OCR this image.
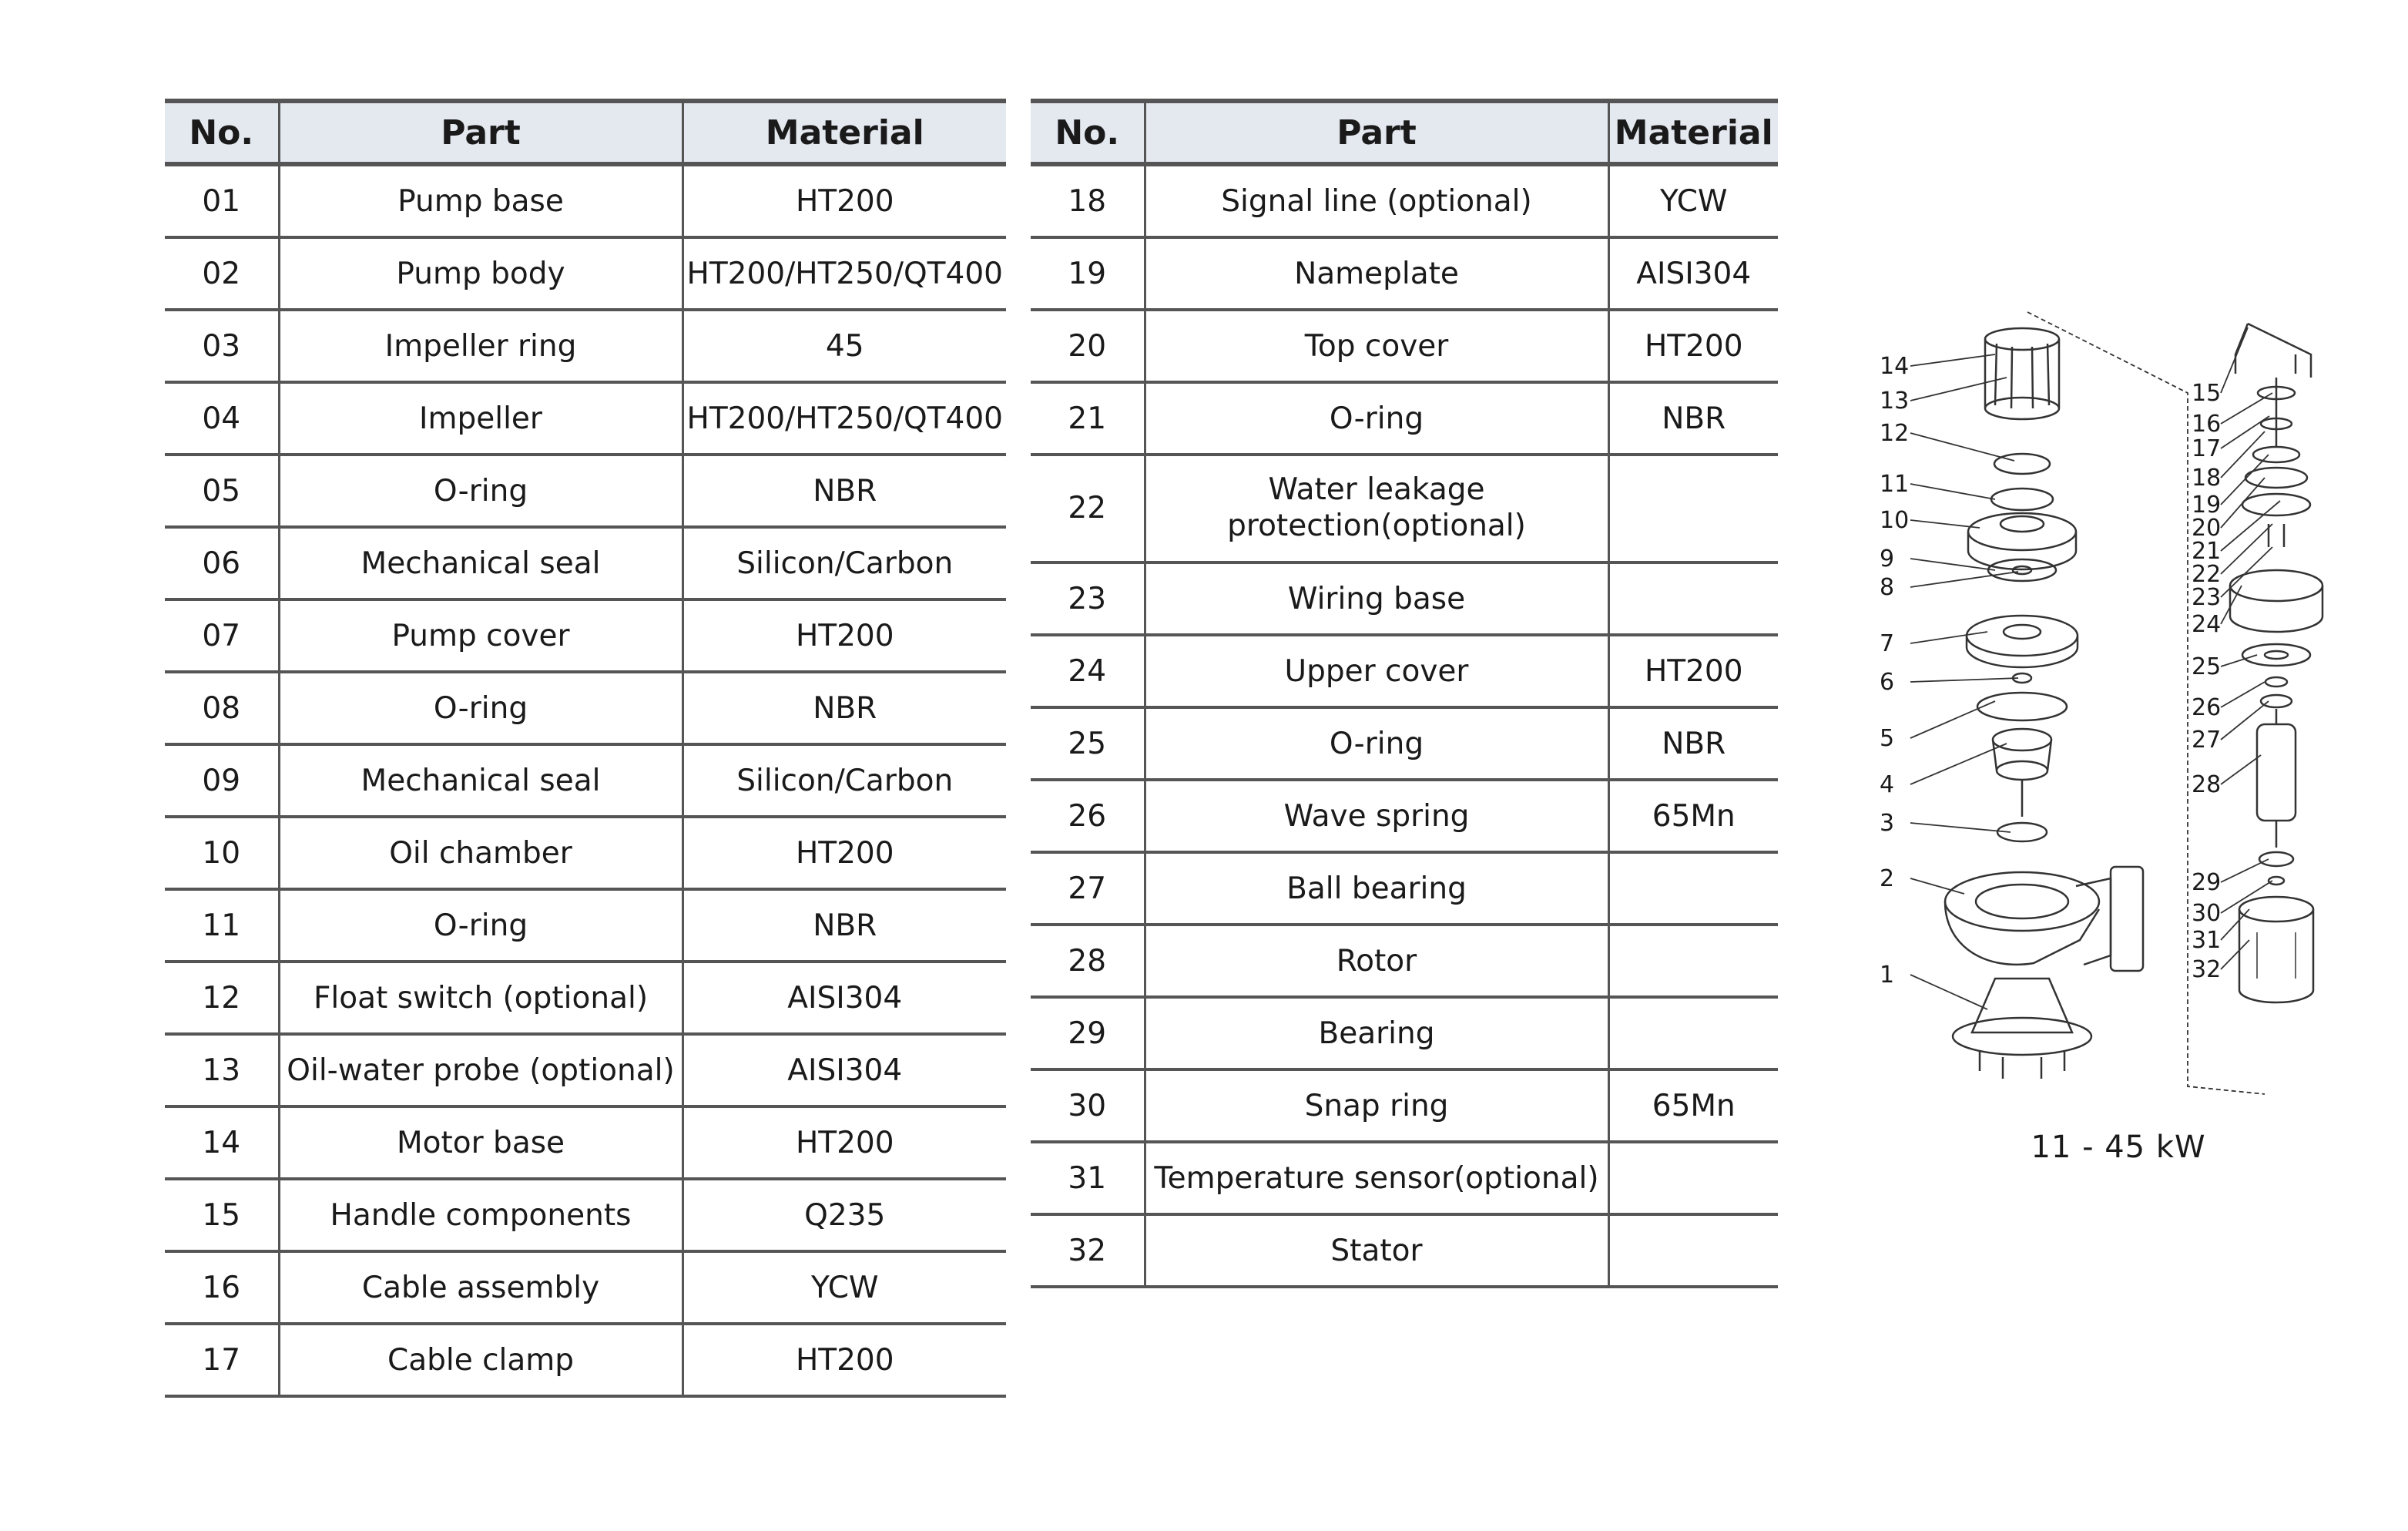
No.	Part	Material
01	Pump base	HT200
02	Pump body	HT200/HT250/QT400
03	Impeller ring	45
04	Impeller	HT200/HT250/QT400
05	O-ring	NBR
06	Mechanical seal	Silicon/Carbon
07	Pump cover	HT200
08	O-ring	NBR
09	Mechanical seal	Silicon/Carbon
10	Oil chamber	HT200
11	O-ring	NBR
12	Float switch (optional)	AISI304
13	Oil-water probe (optional)	AISI304
14	Motor base	HT200
15	Handle components	Q235
16	Cable assembly	YCW
17	Cable clamp	HT200
No.	Part	Material
18	Signal line (optional)	YCW
19	Nameplate	AISI304
20	Top cover	HT200
21	O-ring	NBR
22	Water leakage
protection(optional)	

23	Wiring base	
24	Upper cover	HT200
25	O-ring	NBR
26	Wave spring	65Mn
27	Ball bearing	
28	Rotor	
29	Bearing	
30	Snap ring	65Mn
31	Temperature sensor(optional)	
32	Stator	
14
13
12
11
10
9
8
7
6
5
4
3
2
1
15
16
17
18
19
20
21
22
23
24
25
26
27
28
29
30
31
32
11 - 45 kW
